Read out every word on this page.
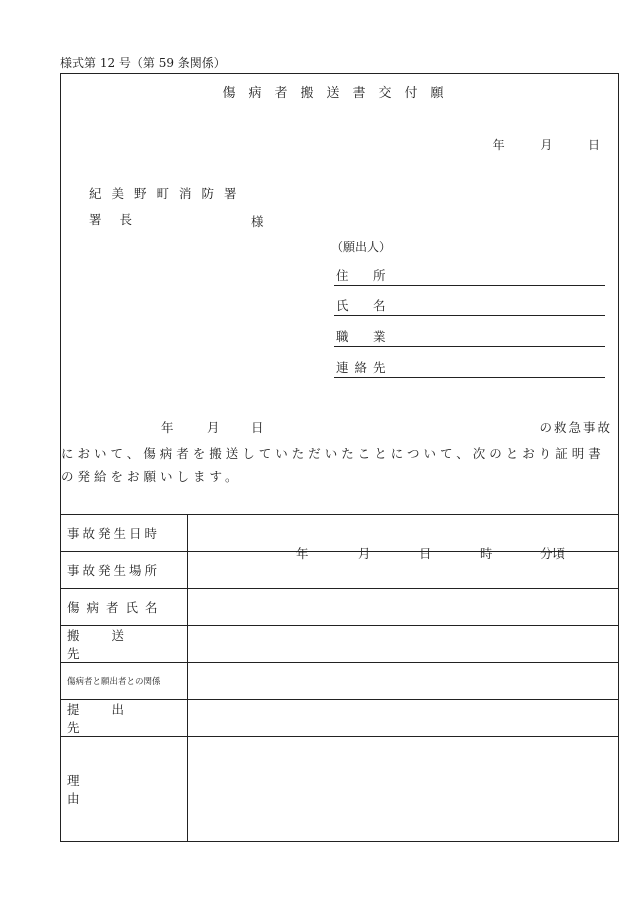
様式第 12 号（第 59 条関係）
傷病者搬送書交付願
年	月	日
紀美野町消防署
署長	様
（願出人）
住　所
氏　名
職　業
連絡先
年	月	日	の救急事故
において、傷病者を搬送していただいたことについて、次のとおり証明書の発給をお願いします。
事故発生日時	年 月 日 時 分頃

事故発生場所	

傷病者氏名	

搬送先	

傷病者と願出者との関係	

提出先	

理由	
